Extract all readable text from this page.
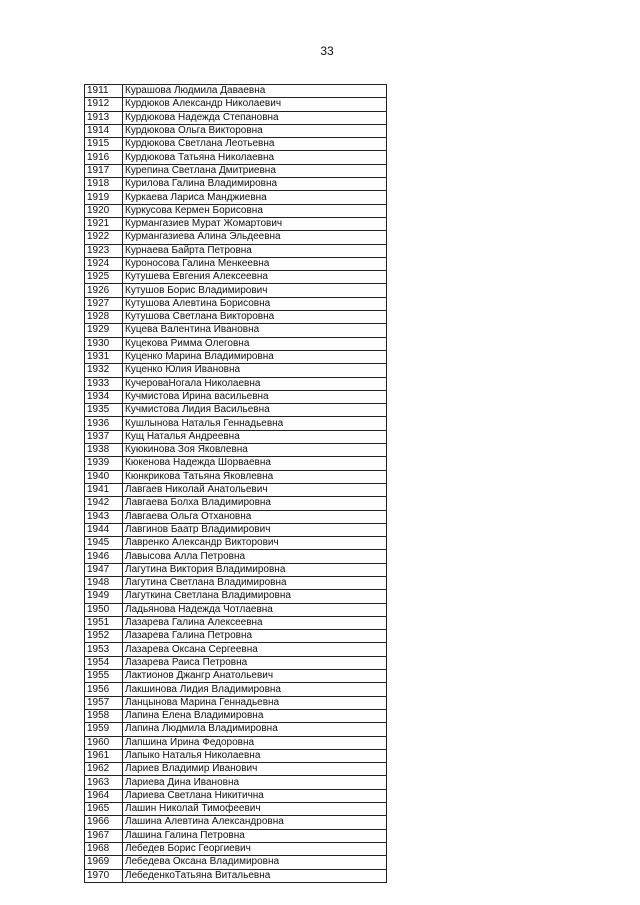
33
1911	Курашова Людмила Даваевна
1912	Курдюков Александр Николаевич
1913	Курдюкова Надежда Степановна
1914	Курдюкова Ольга Викторовна
1915	Курдюкова Светлана Леотьевна
1916	Курдюкова Татьяна Николаевна
1917	Курепина Светлана Дмитриевна
1918	Курилова Галина Владимировна
1919	Куркаева Лариса Манджиевна
1920	Куркусова Кермен Борисовна
1921	Курмангазиев Мурат Жомартович
1922	Курмангазиева Алина Эльдеевна
1923	Курнаева Байрта Петровна
1924	Куроносова Галина Менкеевна
1925	Кутушева Евгения Алексеевна
1926	Кутушов Борис Владимирович
1927	Кутушова Алевтина Борисовна
1928	Кутушова Светлана Викторовна
1929	Куцева Валентина Ивановна
1930	Куцекова Римма Олеговна
1931	Куценко Марина Владимировна
1932	Куценко Юлия Ивановна
1933	КучероваНогала Николаевна
1934	Кучмистова Ирина васильевна
1935	Кучмистова Лидия Васильевна
1936	Кушлынова Наталья Геннадьевна
1937	Кущ Наталья Андреевна
1938	Куюкинова Зоя Яковлевна
1939	Кюкенова Надежда Шорваевна
1940	Кюнкрикова Татьяна Яковлевна
1941	Лавгаев Николай Анатольевич
1942	Лавгаева Болха Владимировна
1943	Лавгаева Ольга Отхановна
1944	Лавгинов Баатр Владимирович
1945	Лавренко Александр Викторович
1946	Лавысова Алла Петровна
1947	Лагутина Виктория Владимировна
1948	Лагутина Светлана Владимировна
1949	Лагуткина Светлана Владимировна
1950	Ладьянова Надежда Чотлаевна
1951	Лазарева Галина Алексеевна
1952	Лазарева Галина Петровна
1953	Лазарева Оксана Сергеевна
1954	Лазарева Раиса Петровна
1955	Лактионов Джангр Анатольевич
1956	Лакшинова Лидия Владимировна
1957	Ланцынова Марина Геннадьевна
1958	Лапина Елена Владимировна
1959	Лапина Людмила Владимировна
1960	Лапшина Ирина Федоровна
1961	Лапыко Наталья Николаевна
1962	Лариев Владимир Иванович
1963	Лариева Дина Ивановна
1964	Лариева Светлана Никитична
1965	Лашин Николай Тимофеевич
1966	Лашина Алевтина Александровна
1967	Лашина Галина Петровна
1968	Лебедев Борис Георгиевич
1969	Лебедева Оксана Владимировна
1970	ЛебеденкоТатьяна Витальевна
